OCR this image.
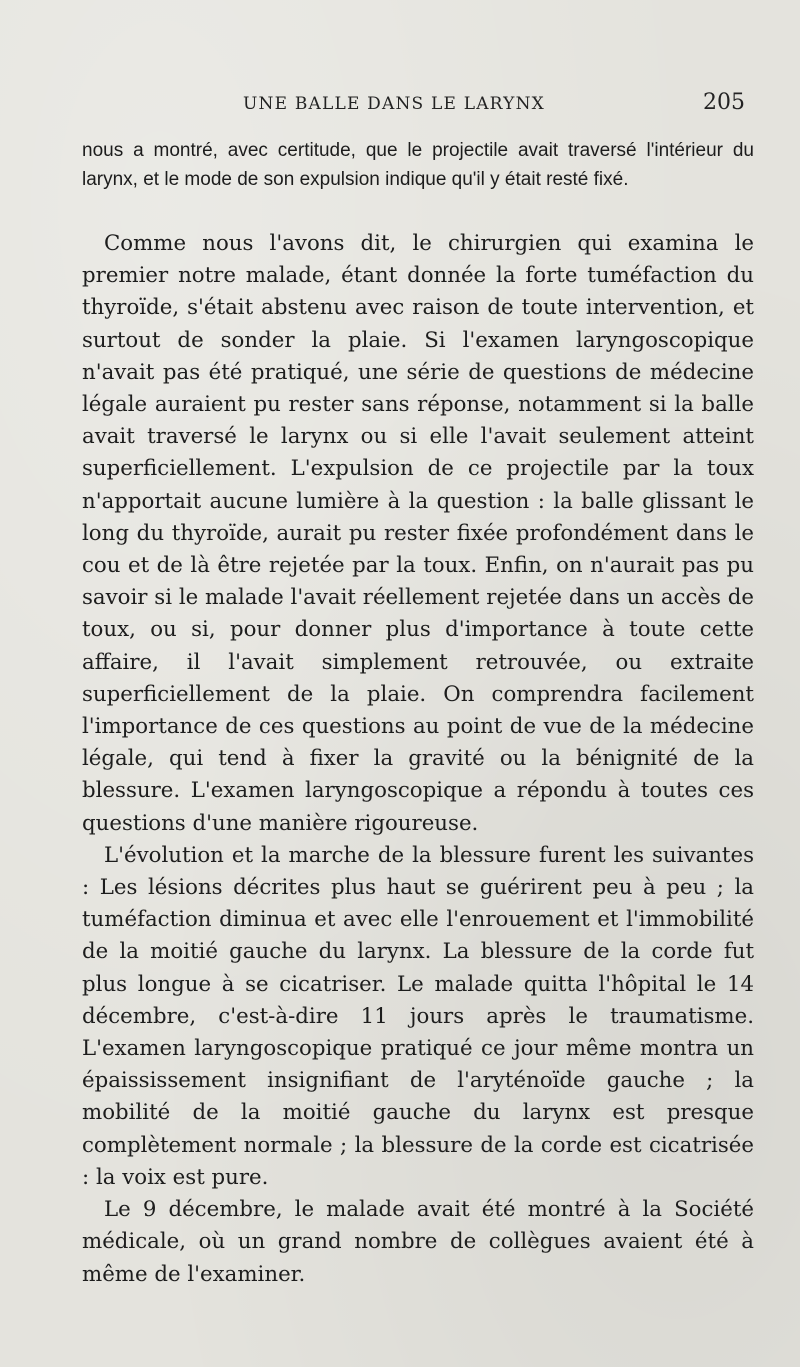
UNE BALLE DANS LE LARYNX	205
nous a montré, avec certitude, que le projectile avait traversé l'intérieur du larynx, et le mode de son expulsion indique qu'il y était resté fixé.

Comme nous l'avons dit, le chirurgien qui examina le premier notre malade, étant donnée la forte tuméfaction du thyroïde, s'était abstenu avec raison de toute intervention, et surtout de sonder la plaie. Si l'examen laryngoscopique n'avait pas été pratiqué, une série de questions de médecine légale auraient pu rester sans réponse, notamment si la balle avait traversé le larynx ou si elle l'avait seulement atteint superficiellement. L'expulsion de ce projectile par la toux n'apportait aucune lumière à la question : la balle glissant le long du thyroïde, aurait pu rester fixée profondément dans le cou et de là être rejetée par la toux. Enfin, on n'aurait pas pu savoir si le malade l'avait réellement rejetée dans un accès de toux, ou si, pour donner plus d'importance à toute cette affaire, il l'avait simplement retrouvée, ou extraite superficiellement de la plaie. On comprendra facilement l'importance de ces questions au point de vue de la médecine légale, qui tend à fixer la gravité ou la bénignité de la blessure. L'examen laryngoscopique a répondu à toutes ces questions d'une manière rigoureuse.

L'évolution et la marche de la blessure furent les suivantes : Les lésions décrites plus haut se guérirent peu à peu ; la tuméfaction diminua et avec elle l'enrouement et l'immobilité de la moitié gauche du larynx. La blessure de la corde fut plus longue à se cicatriser. Le malade quitta l'hôpital le 14 décembre, c'est-à-dire 11 jours après le traumatisme. L'examen laryngoscopique pratiqué ce jour même montra un épaississement insignifiant de l'aryténoïde gauche ; la mobilité de la moitié gauche du larynx est presque complètement normale ; la blessure de la corde est cicatrisée : la voix est pure.

Le 9 décembre, le malade avait été montré à la Société médicale, où un grand nombre de collègues avaient été à même de l'examiner.
